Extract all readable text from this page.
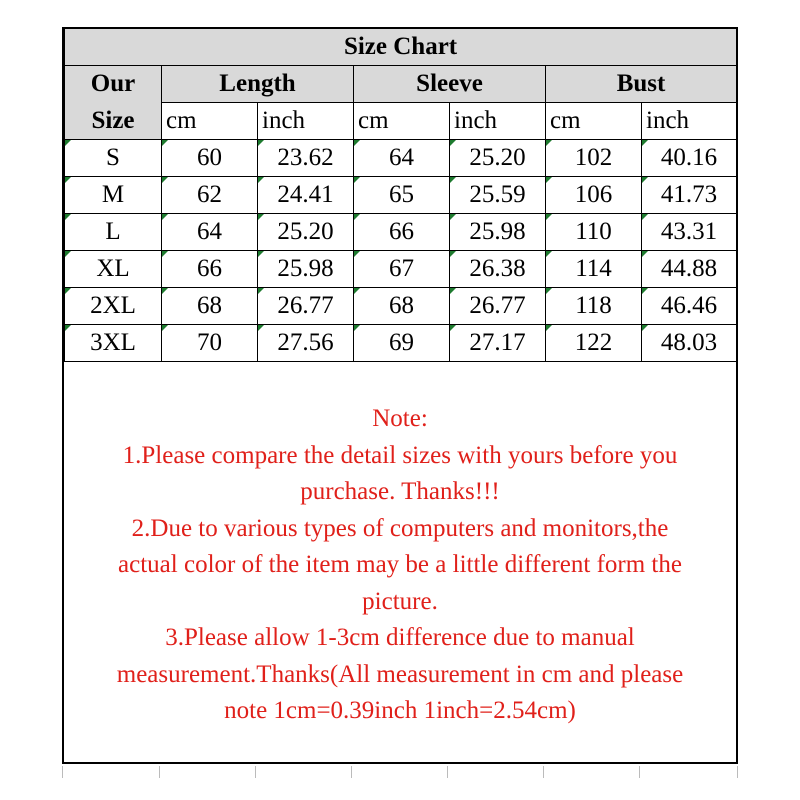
Size Chart						
Our	Length		Sleeve		Bust	
Size	cm	inch	cm	inch	cm	inch
S	60	23.62	64	25.20	102	40.16

M	62	24.41	65	25.59	106	41.73

L	64	25.20	66	25.98	110	43.31

XL	66	25.98	67	26.38	114	44.88

2XL	68	26.77	68	26.77	118	46.46

3XL	70	27.56	69	27.17	122	48.03
Note:
1.Please compare the detail sizes with yours before you
purchase. Thanks!!!
2.Due to various types of computers and monitors,the
actual color of the item may be a little different form the
picture.
3.Please allow 1-3cm difference due to manual
measurement.Thanks(All measurement in cm and please
note 1cm=0.39inch 1inch=2.54cm)
